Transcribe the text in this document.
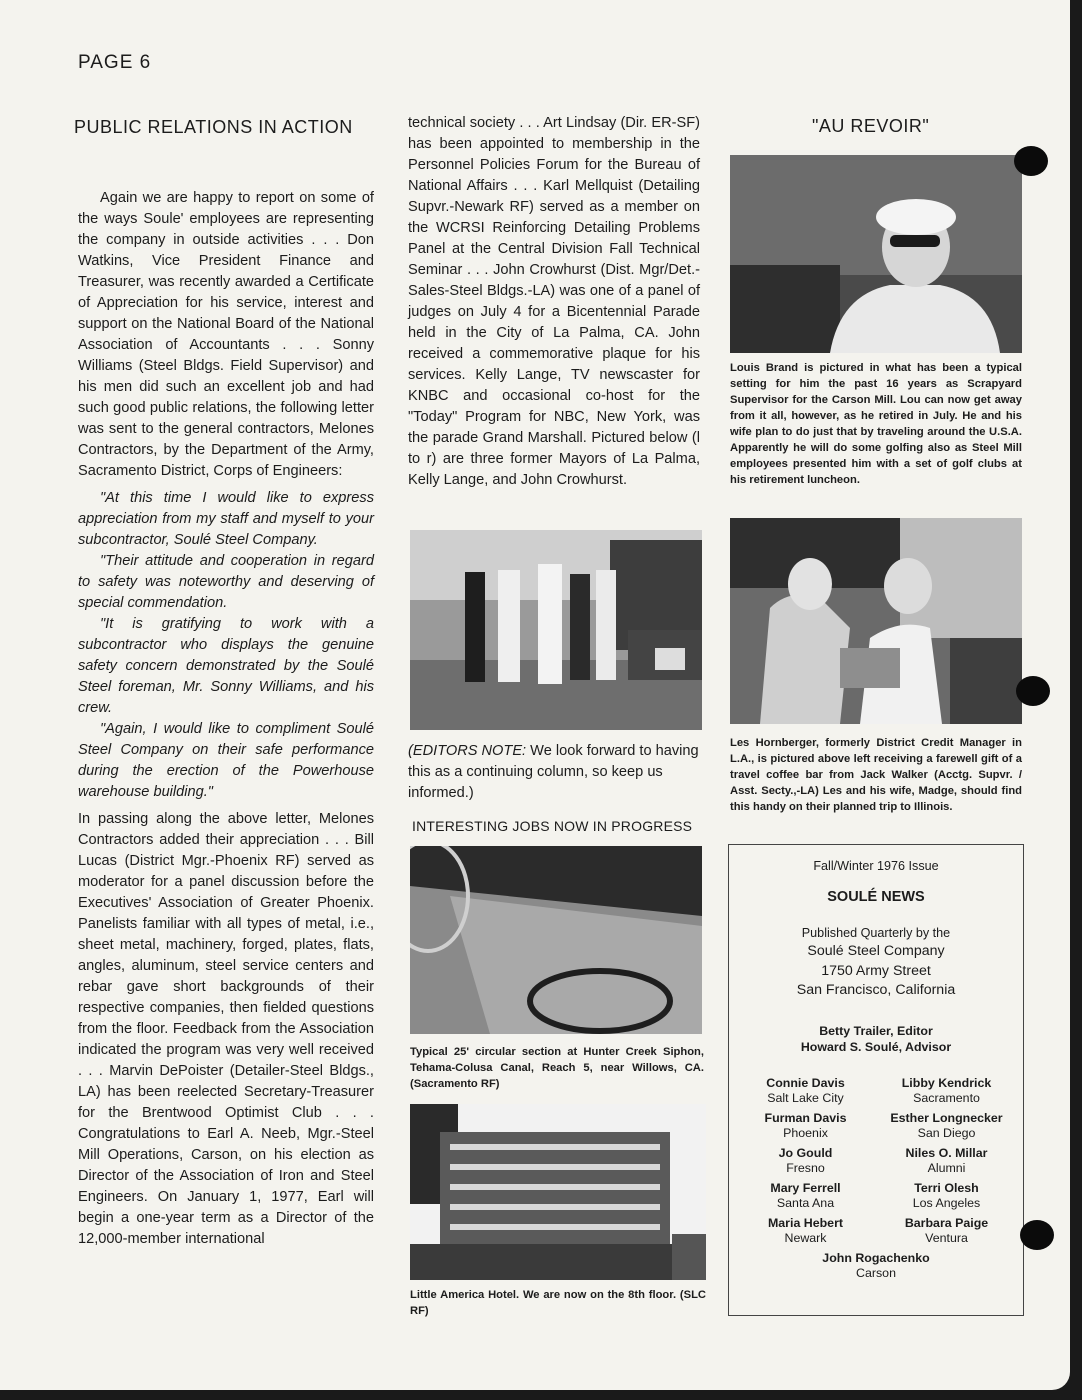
PAGE 6
PUBLIC RELATIONS IN ACTION

Again we are happy to report on some of the ways Soule' employees are representing the company in outside activities . . . Don Watkins, Vice President Finance and Treasurer, was recently awarded a Certificate of Appreciation for his service, interest and support on the National Board of the National Association of Accountants . . . Sonny Williams (Steel Bldgs. Field Supervisor) and his men did such an excellent job and had such good public relations, the following letter was sent to the general contractors, Melones Contractors, by the Department of the Army, Sacramento District, Corps of Engineers:

"At this time I would like to express appreciation from my staff and myself to your subcontractor, Soulé Steel Company.

"Their attitude and cooperation in regard to safety was noteworthy and deserving of special commendation.

"It is gratifying to work with a subcontractor who displays the genuine safety concern demonstrated by the Soulé Steel foreman, Mr. Sonny Williams, and his crew.

"Again, I would like to compliment Soulé Steel Company on their safe performance during the erection of the Powerhouse warehouse building."

In passing along the above letter, Melones Contractors added their appreciation . . . Bill Lucas (District Mgr.-Phoenix RF) served as moderator for a panel discussion before the Executives' Association of Greater Phoenix. Panelists familiar with all types of metal, i.e., sheet metal, machinery, forged, plates, flats, angles, aluminum, steel service centers and rebar gave short backgrounds of their respective companies, then fielded questions from the floor. Feedback from the Association indicated the program was very well received . . . Marvin DePoister (Detailer-Steel Bldgs., LA) has been reelected Secretary-Treasurer for the Brentwood Optimist Club . . . Congratulations to Earl A. Neeb, Mgr.-Steel Mill Operations, Carson, on his election as Director of the Association of Iron and Steel Engineers. On January 1, 1977, Earl will begin a one-year term as a Director of the 12,000-member international

technical society . . . Art Lindsay (Dir. ER-SF) has been appointed to membership in the Personnel Policies Forum for the Bureau of National Affairs . . . Karl Mellquist (Detailing Supvr.-Newark RF) served as a member on the WCRSI Reinforcing Detailing Problems Panel at the Central Division Fall Technical Seminar . . . John Crowhurst (Dist. Mgr/Det.-Sales-Steel Bldgs.-LA) was one of a panel of judges on July 4 for a Bicentennial Parade held in the City of La Palma, CA. John received a commemorative plaque for his services. Kelly Lange, TV newscaster for KNBC and occasional co-host for the "Today" Program for NBC, New York, was the parade Grand Marshall. Pictured below (l to r) are three former Mayors of La Palma, Kelly Lange, and John Crowhurst.

(EDITORS NOTE: We look forward to having this as a continuing column, so keep us informed.)

INTERESTING JOBS NOW IN PROGRESS
Typical 25' circular section at Hunter Creek Siphon, Tehama-Colusa Canal, Reach 5, near Willows, CA. (Sacramento RF)
Little America Hotel. We are now on the 8th floor. (SLC RF)
"AU REVOIR"
Louis Brand is pictured in what has been a typical setting for him the past 16 years as Scrapyard Supervisor for the Carson Mill. Lou can now get away from it all, however, as he retired in July. He and his wife plan to do just that by traveling around the U.S.A. Apparently he will do some golfing also as Steel Mill employees presented him with a set of golf clubs at his retirement luncheon.
Les Hornberger, formerly District Credit Manager in L.A., is pictured above left receiving a farewell gift of a travel coffee bar from Jack Walker (Acctg. Supvr. / Asst. Secty.,-LA) Les and his wife, Madge, should find this handy on their planned trip to Illinois.
Fall/Winter 1976 Issue
SOULÉ NEWS
Published Quarterly by the
Soulé Steel Company
1750 Army Street
San Francisco, California
Betty Trailer, Editor
Howard S. Soulé, Advisor
Connie Davis
Salt Lake City
Libby Kendrick
Sacramento
Furman Davis
Phoenix
Esther Longnecker
San Diego
Jo Gould
Fresno
Niles O. Millar
Alumni
Mary Ferrell
Santa Ana
Terri Olesh
Los Angeles
Maria Hebert
Newark
Barbara Paige
Ventura
John Rogachenko
Carson
